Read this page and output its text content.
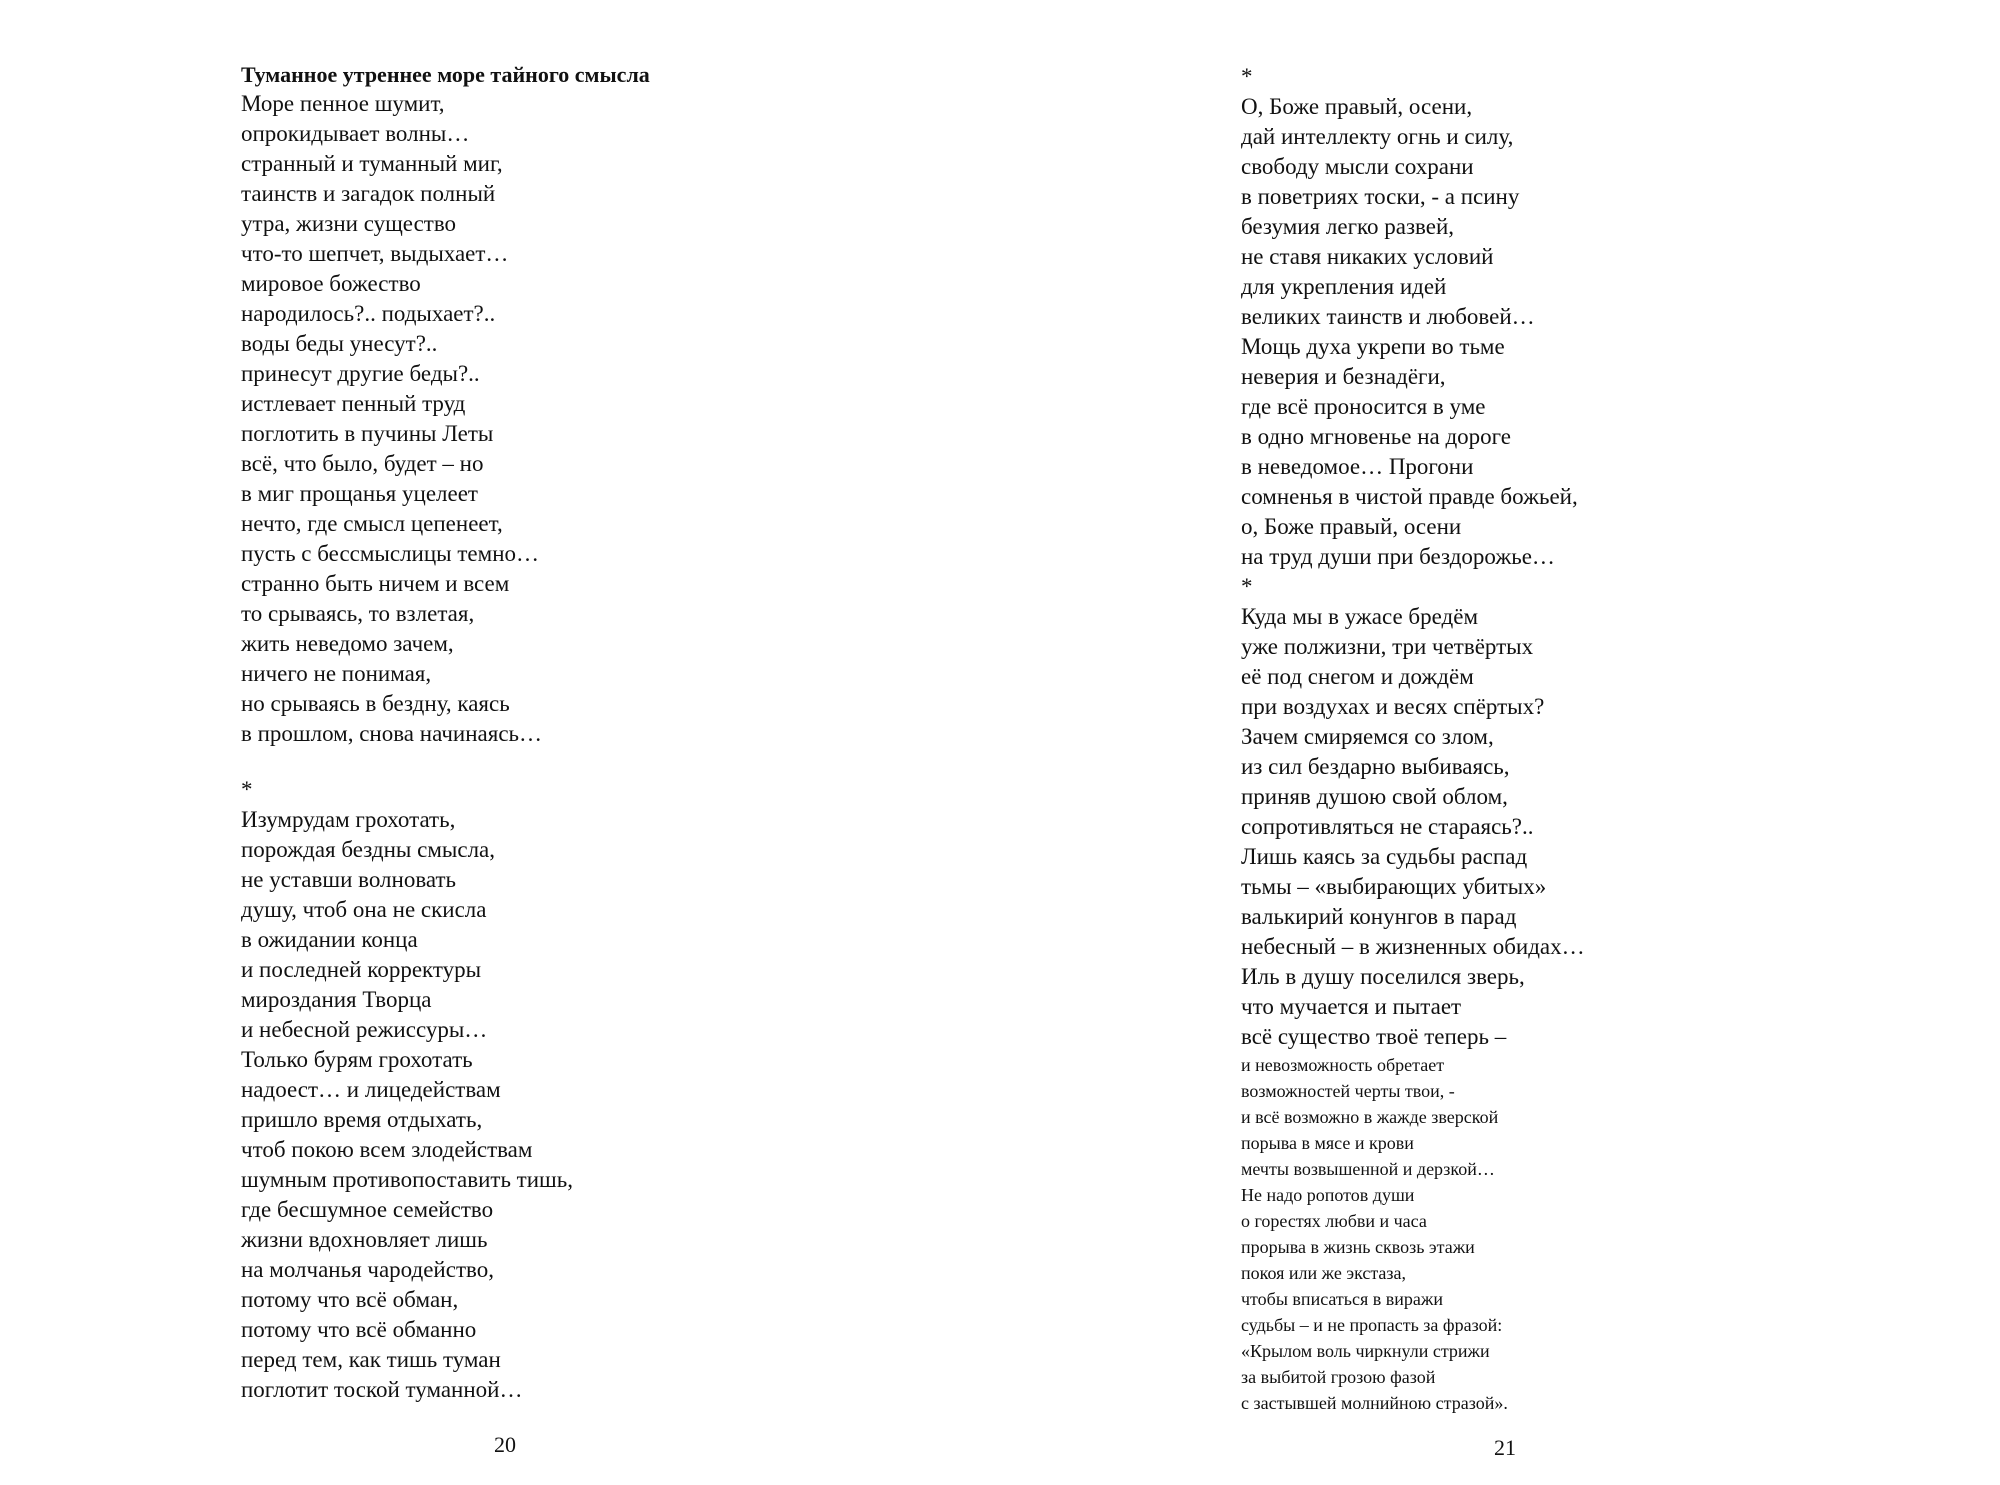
Туманное утреннее море тайного смысла
Море пенное шумит,
опрокидывает волны…
странный и туманный миг,
таинств и загадок полный
утра, жизни существо
что-то шепчет, выдыхает…
мировое божество
народилось?.. подыхает?..
воды беды унесут?..
принесут другие беды?..
истлевает пенный труд
поглотить в пучины Леты
всё, что было, будет – но
в миг прощанья уцелеет
нечто, где смысл цепенеет,
пусть с бессмыслицы темно…
странно быть ничем и всем
то срываясь, то взлетая,
жить неведомо зачем,
ничего не понимая,
но срываясь в бездну, каясь
в прошлом, снова начинаясь…
*
Изумрудам грохотать,
порождая бездны смысла,
не уставши волновать
душу, чтоб она не скисла
в ожидании конца
и последней корректуры
мироздания Творца
и небесной режиссуры…
Только бурям грохотать
надоест… и лицедействам
пришло время отдыхать,
чтоб покою всем злодействам
шумным противопоставить тишь,
где бесшумное семейство
жизни вдохновляет лишь
на молчанья чародейство,
потому что всё обман,
потому что всё обманно
перед тем, как тишь туман
поглотит тоской туманной…
20
*
О, Боже правый, осени,
дай интеллекту огнь и силу,
свободу мысли сохрани
в поветриях тоски, - а псину
безумия легко развей,
не ставя никаких условий
для укрепления идей
великих таинств и любовей…
Мощь духа укрепи во тьме
неверия и безнадёги,
где всё проносится в уме
в одно мгновенье на дороге
в неведомое… Прогони
сомненья в чистой правде божьей,
о, Боже правый, осени
на труд души при бездорожье…
*
Куда мы в ужасе бредём
уже полжизни, три четвёртых
её под снегом и дождём
при воздухах и весях спёртых?
Зачем смиряемся со злом,
из сил бездарно выбиваясь,
приняв душою свой облом,
сопротивляться не стараясь?..
Лишь каясь за судьбы распад
тьмы – «выбирающих убитых»
валькирий конунгов в парад
небесный – в жизненных обидах…
Иль в душу поселился зверь,
что мучается и пытает
всё существо твоё теперь –
и невозможность обретает
возможностей черты твои, -
и всё возможно в жажде зверской
порыва в мясе и крови
мечты возвышенной и дерзкой…
Не надо ропотов души
о горестях любви и часа
прорыва в жизнь сквозь этажи
покоя или же экстаза,
чтобы вписаться в виражи
судьбы – и не пропасть за фразой:
«Крылом воль чиркнули стрижи
за выбитой грозою фазой
с застывшей молнийною стразой».
21
